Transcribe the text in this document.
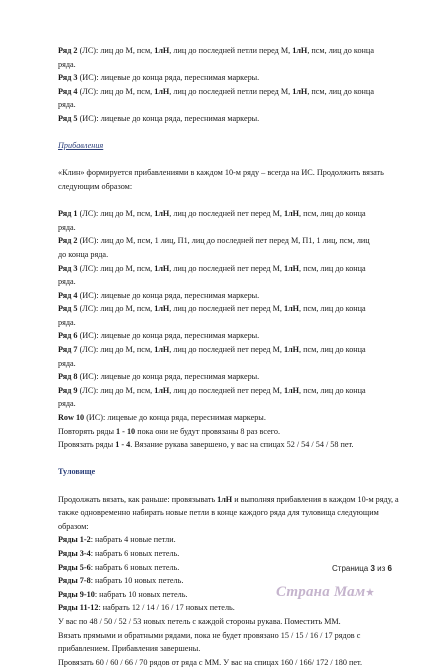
Ряд 2 (ЛС): лиц до М, псм, 1лН, лиц до последней петли перед М, 1лН, псм, лиц до конца

ряда.

Ряд 3 (ИС): лицевые до конца ряда, переснимая маркеры.

Ряд 4 (ЛС): лиц до М, псм, 1лН, лиц до последней петли перед М, 1лН, псм, лиц до конца

ряда.

Ряд 5 (ИС): лицевые до конца ряда, переснимая маркеры.

Прибавления

«Клин» формируется прибавлениями в каждом 10-м ряду – всегда на ИС. Продолжить вязать следующим образом:

Ряд 1 (ЛС): лиц до М, псм, 1лН, лиц до последней пет перед М, 1лН, псм, лиц до конца

ряда.

Ряд 2 (ИС): лиц до М, псм, 1 лиц, П1, лиц до последней пет перед М, П1, 1 лиц, псм, лиц

до конца ряда.

Ряд 3 (ЛС): лиц до М, псм, 1лН, лиц до последней пет перед М, 1лН, псм, лиц до конца

ряда.

Ряд 4 (ИС): лицевые до конца ряда, переснимая маркеры.

Ряд 5 (ЛС): лиц до М, псм, 1лН, лиц до последней пет перед М, 1лН, псм, лиц до конца

ряда.

Ряд 6 (ИС): лицевые до конца ряда, переснимая маркеры.

Ряд 7 (ЛС): лиц до М, псм, 1лН, лиц до последней пет перед М, 1лН, псм, лиц до конца

ряда.

Ряд 8 (ИС): лицевые до конца ряда, переснимая маркеры.

Ряд 9 (ЛС): лиц до М, псм, 1лН, лиц до последней пет перед М, 1лН, псм, лиц до конца

ряда.

Row 10 (ИС): лицевые до конца ряда, переснимая маркеры.

Повторять ряды 1 - 10 пока они не будут провязаны 8 раз всего.

Провязать ряды 1 - 4. Вязание рукава завершено, у вас на спицах 52 / 54 / 54 / 58 пет.

Туловище

Продолжать вязать, как раньше: провязывать 1лН и выполняя прибавления в каждом 10-м ряду, а также одновременно набирать новые петли в конце каждого ряда для туловища следующим образом:

Ряды 1-2: набрать 4 новые петли.

Ряды 3-4: набрать 6 новых петель.

Ряды 5-6: набрать 6 новых петель.

Ряды 7-8: набрать 10 новых петель.

Ряды 9-10: набрать 10 новых петель.

Ряды 11-12: набрать 12 / 14 / 16 / 17 новых петель.

У вас по 48 / 50 / 52 / 53 новых петель с каждой стороны рукава. Поместить ММ.

Вязать прямыми и обратными рядами, пока не будет провязано 15 / 15 / 16 / 17 рядов с

прибавлением. Прибавления завершены.

Провязать 60 / 60 / 66 / 70 рядов от ряда с ММ. У вас на спицах 160 / 166/ 172 / 180 пет.

Страница 3 из 6
Страна Мам
